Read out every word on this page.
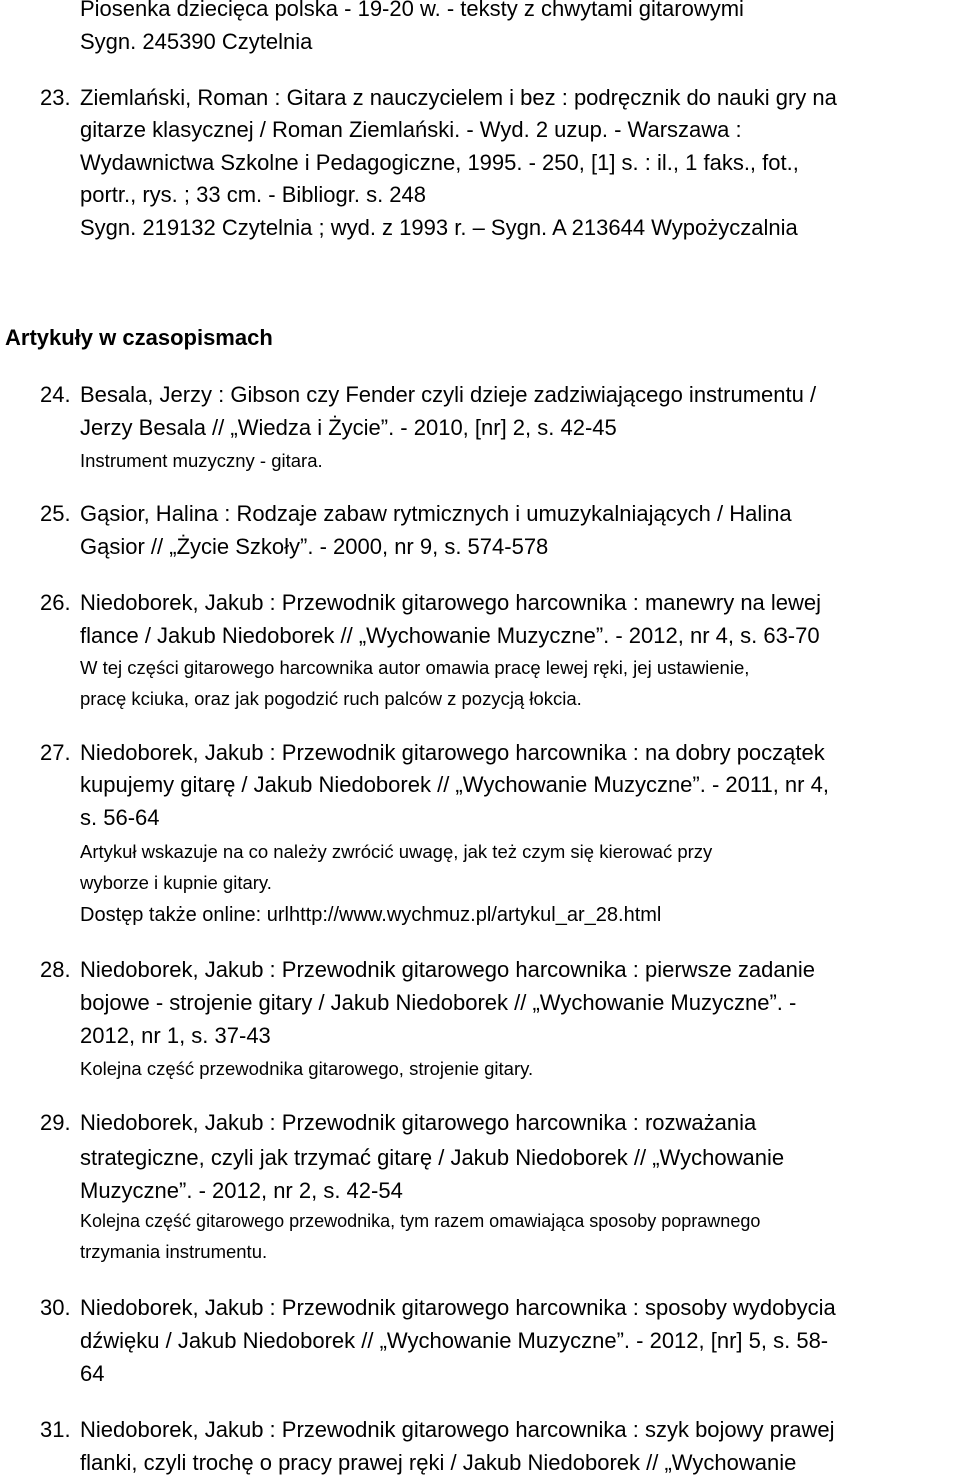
Piosenka dziecięca polska - 19-20 w. - teksty z chwytami gitarowymi
Sygn. 245390 Czytelnia
23. Ziemlański, Roman : Gitara z nauczycielem i bez : podręcznik do nauki gry na
gitarze klasycznej / Roman Ziemlański. - Wyd. 2 uzup. - Warszawa :
Wydawnictwa Szkolne i Pedagogiczne, 1995. - 250, [1] s. : il., 1 faks., fot.,
portr., rys. ; 33 cm. - Bibliogr. s. 248
Sygn. 219132 Czytelnia ; wyd. z 1993 r. – Sygn. A 213644 Wypożyczalnia
Artykuły w czasopismach
24. Besala, Jerzy : Gibson czy Fender czyli dzieje zadziwiającego instrumentu /
Jerzy Besala // „Wiedza i Życie”. - 2010, [nr] 2, s. 42-45
Instrument muzyczny - gitara.
25. Gąsior, Halina : Rodzaje zabaw rytmicznych i umuzykalniających / Halina
Gąsior // „Życie Szkoły”. - 2000, nr 9, s. 574-578
26. Niedoborek, Jakub : Przewodnik gitarowego harcownika : manewry na lewej
flance / Jakub Niedoborek // „Wychowanie Muzyczne”. - 2012, nr 4, s. 63-70
W tej części gitarowego harcownika autor omawia pracę lewej ręki, jej ustawienie,
pracę kciuka, oraz jak pogodzić ruch palców z pozycją łokcia.
27. Niedoborek, Jakub : Przewodnik gitarowego harcownika : na dobry początek
kupujemy gitarę / Jakub Niedoborek // „Wychowanie Muzyczne”. - 2011, nr 4,
s. 56-64
Artykuł wskazuje na co należy zwrócić uwagę, jak też czym się kierować przy
wyborze i kupnie gitary.
Dostęp także online: urlhttp://www.wychmuz.pl/artykul_ar_28.html
28. Niedoborek, Jakub : Przewodnik gitarowego harcownika : pierwsze zadanie
bojowe - strojenie gitary / Jakub Niedoborek // „Wychowanie Muzyczne”. -
2012, nr 1, s. 37-43
Kolejna część przewodnika gitarowego, strojenie gitary.
29. Niedoborek, Jakub : Przewodnik gitarowego harcownika : rozważania
strategiczne, czyli jak trzymać gitarę / Jakub Niedoborek // „Wychowanie
Muzyczne”. - 2012, nr 2, s. 42-54
Kolejna część gitarowego przewodnika, tym razem omawiająca sposoby poprawnego
trzymania instrumentu.
30. Niedoborek, Jakub : Przewodnik gitarowego harcownika : sposoby wydobycia
dźwięku / Jakub Niedoborek // „Wychowanie Muzyczne”. - 2012, [nr] 5, s. 58-
64
31. Niedoborek, Jakub : Przewodnik gitarowego harcownika : szyk bojowy prawej
flanki, czyli trochę o pracy prawej ręki / Jakub Niedoborek // „Wychowanie
